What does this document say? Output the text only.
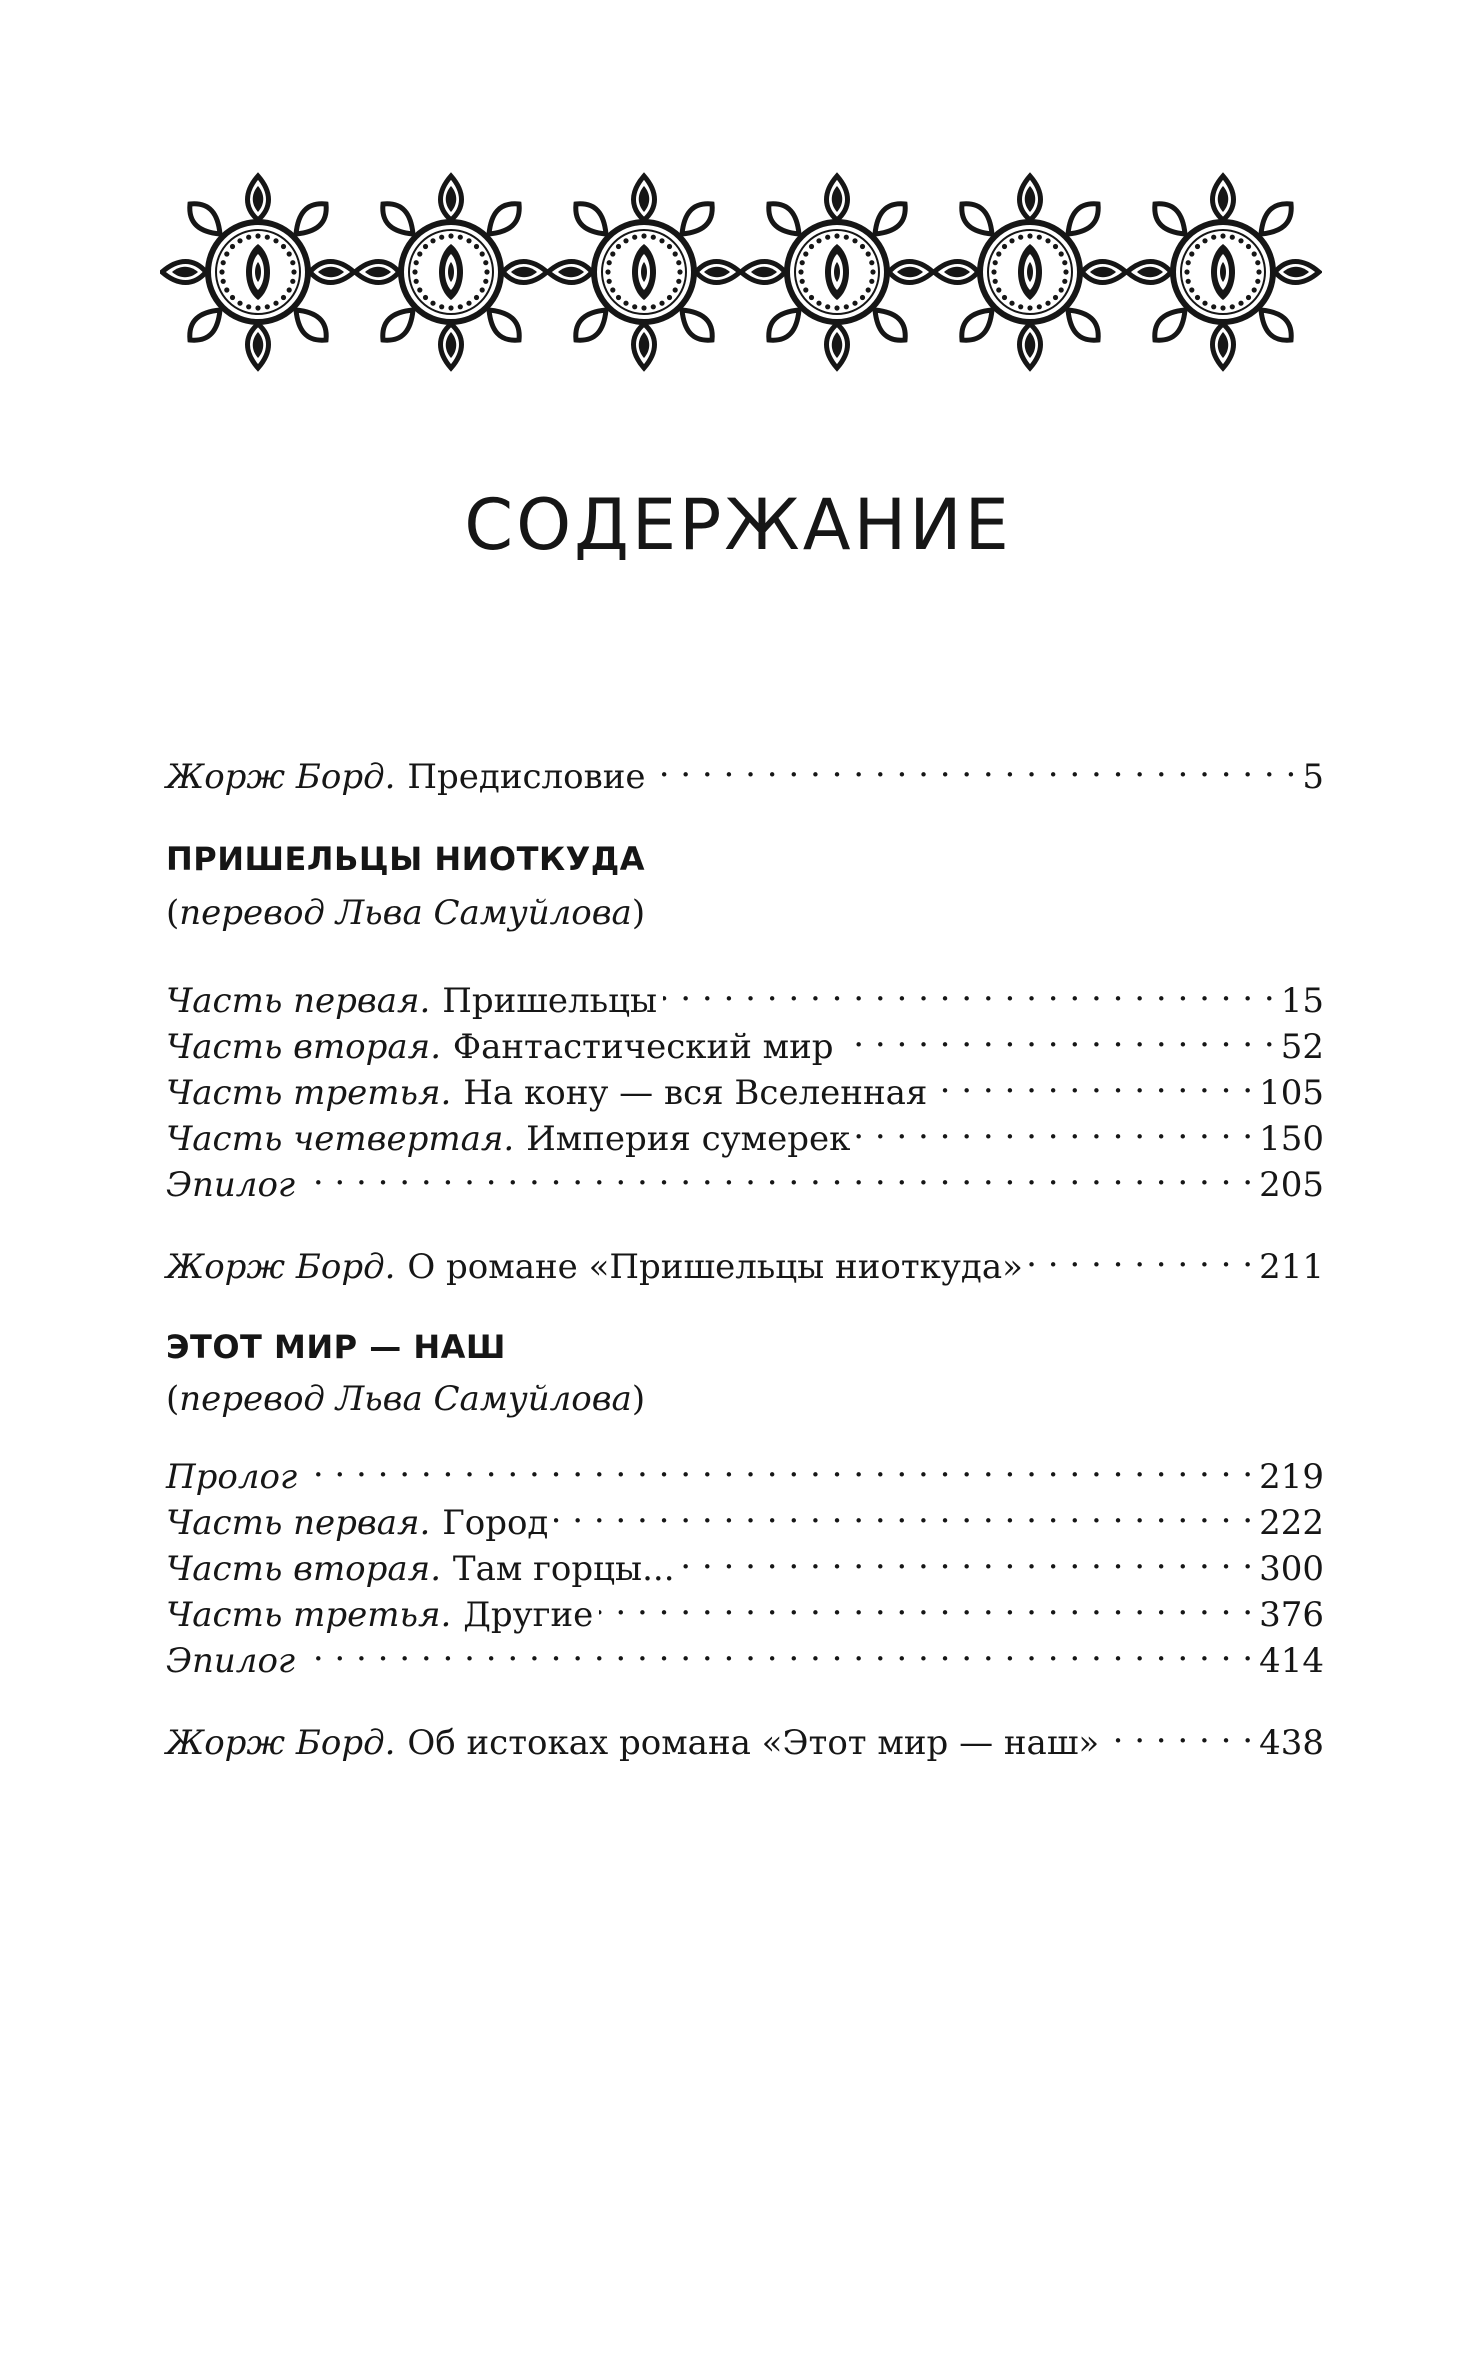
СОДЕРЖАНИЕ
Жорж Борд. Предисловие . . .	5
ПРИШЕЛЬЦЫ НИОТКУДА
(перевод Льва Самуйлова)
Часть первая. Пришельцы . . .	15
Часть вторая. Фантастический мир . . .	52
Часть третья. На кону — вся Вселенная . . .	105
Часть четвертая. Империя сумерек . . .	150
Эпилог . . .	205
Жорж Борд. О романе «Пришельцы ниоткуда» . . .	211
ЭТОТ МИР — НАШ
(перевод Льва Самуйлова)
Пролог . . .	219
Часть первая. Город . . .	222
Часть вторая. Там горцы... . . .	300
Часть третья. Другие . . .	376
Эпилог . . .	414
Жорж Борд. Об истоках романа «Этот мир — наш» . . .	438
